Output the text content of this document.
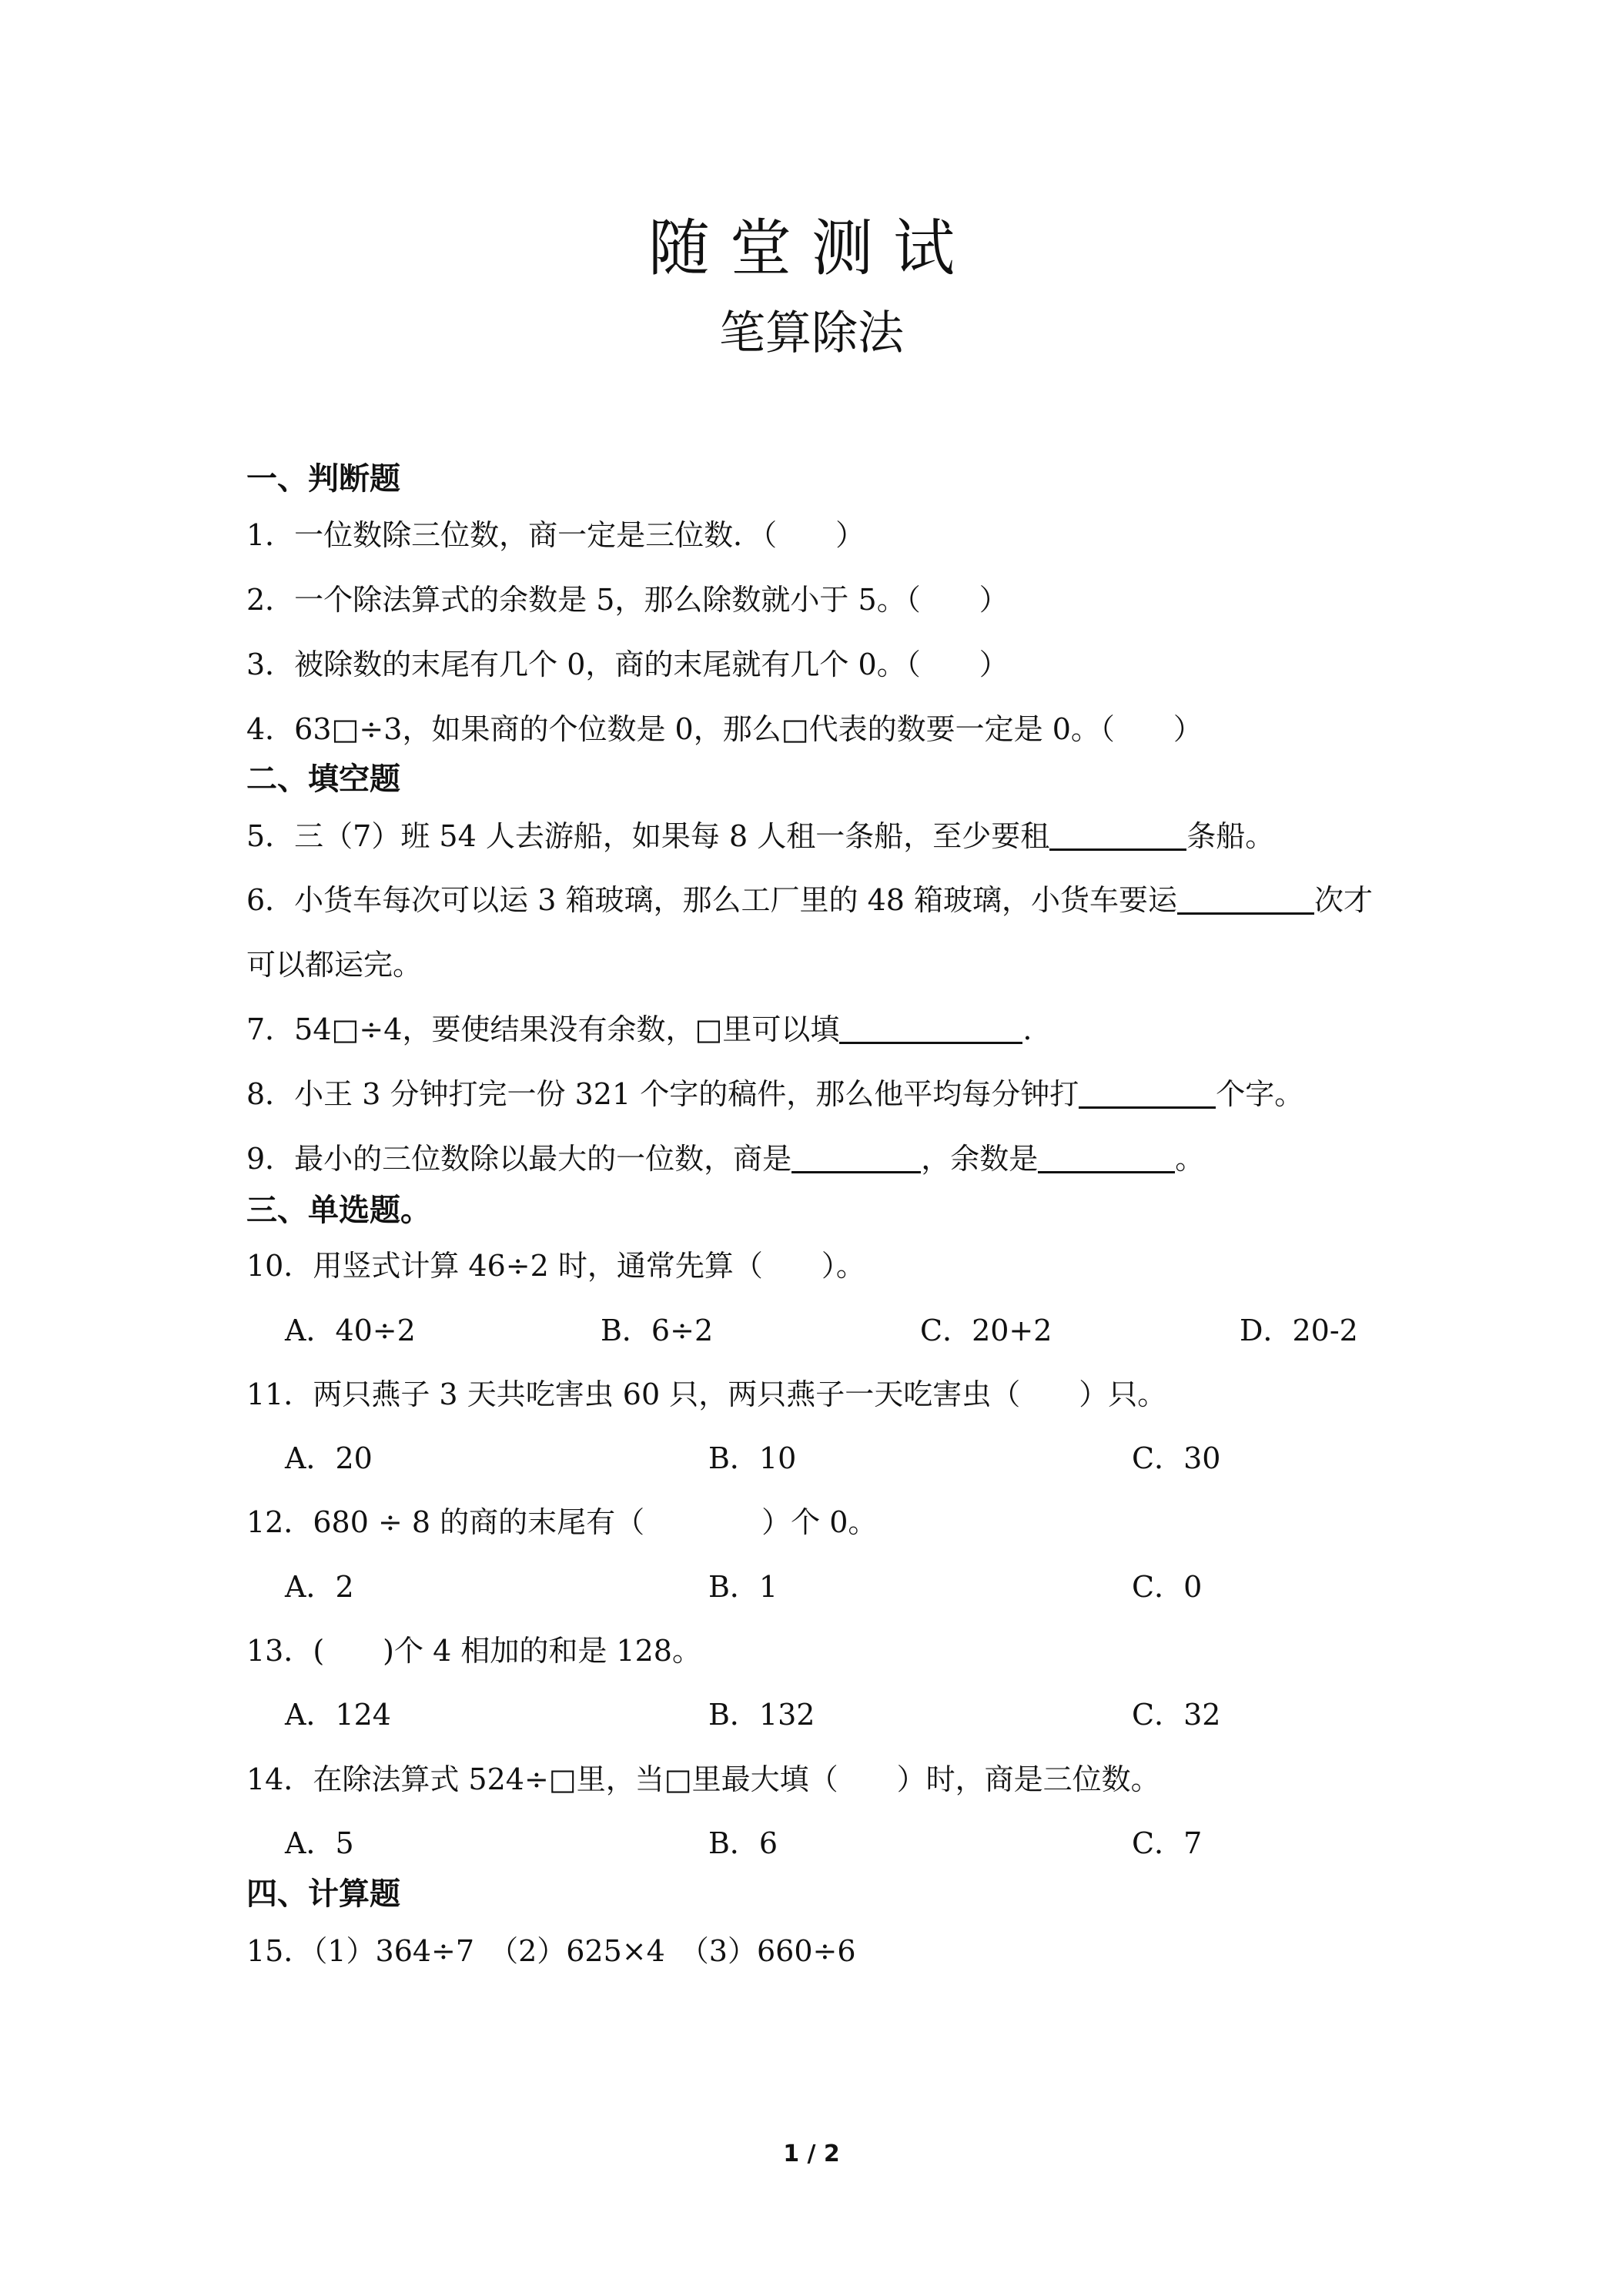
随堂测试
笔算除法
一、判断题
1．一位数除三位数，商一定是三位数．（　　）
2．一个除法算式的余数是 5，那么除数就小于 5。（　　）
3．被除数的末尾有几个 0，商的末尾就有几个 0。（　　）
4．63□÷3，如果商的个位数是 0，那么□代表的数要一定是 0。（　　）
二、填空题
5．三（7）班 54 人去游船，如果每 8 人租一条船，至少要租	条船。
6．小货车每次可以运 3 箱玻璃，那么工厂里的 48 箱玻璃，小货车要运	次才
可以都运完。
7．54□÷4，要使结果没有余数，□里可以填	.
8．小王 3 分钟打完一份 321 个字的稿件，那么他平均每分钟打	个字。
9．最小的三位数除以最大的一位数，商是	，余数是	。
三、单选题。
10．用竖式计算 46÷2 时，通常先算（　　）。
A．40÷2	B．6÷2	C．20+2	D．20-2
11．两只燕子 3 天共吃害虫 60 只，两只燕子一天吃害虫（　　）只。
A．20	B．10	C．30
12．680 ÷ 8 的商的末尾有（　　　　）个 0。
A．2	B．1	C．0
13．(　　)个 4 相加的和是 128。
A．124	B．132	C．32
14．在除法算式 524÷□里，当□里最大填（　　）时，商是三位数。
A．5	B．6	C．7
四、计算题
15．（1）364÷7　（2）625×4　（3）660÷6
1 / 2
